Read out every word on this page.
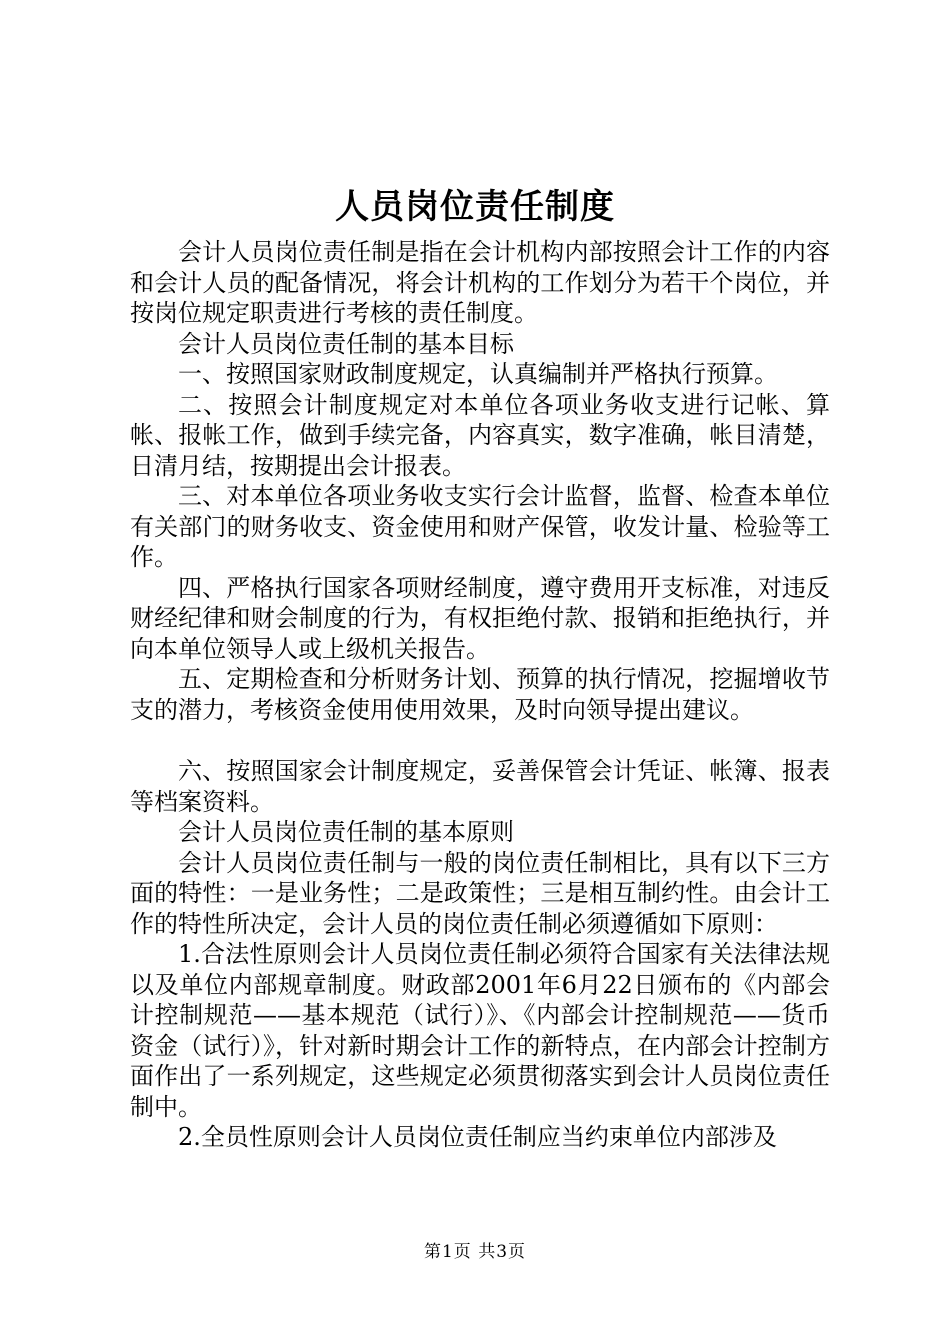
人员岗位责任制度

会计人员岗位责任制是指在会计机构内部按照会计工作的内容和会计人员的配备情况，将会计机构的工作划分为若干个岗位，并按岗位规定职责进行考核的责任制度。

会计人员岗位责任制的基本目标

一、按照国家财政制度规定，认真编制并严格执行预算。

二、按照会计制度规定对本单位各项业务收支进行记帐、算帐、报帐工作，做到手续完备，内容真实，数字准确，帐目清楚，日清月结，按期提出会计报表。

三、对本单位各项业务收支实行会计监督，监督、检查本单位有关部门的财务收支、资金使用和财产保管，收发计量、检验等工作。

四、严格执行国家各项财经制度，遵守费用开支标准，对违反财经纪律和财会制度的行为，有权拒绝付款、报销和拒绝执行，并向本单位领导人或上级机关报告。

五、定期检查和分析财务计划、预算的执行情况，挖掘增收节支的潜力，考核资金使用使用效果，及时向领导提出建议。

六、按照国家会计制度规定，妥善保管会计凭证、帐簿、报表等档案资料。

会计人员岗位责任制的基本原则

会计人员岗位责任制与一般的岗位责任制相比，具有以下三方面的特性：一是业务性；二是政策性；三是相互制约性。由会计工作的特性所决定，会计人员的岗位责任制必须遵循如下原则：

1.合法性原则会计人员岗位责任制必须符合国家有关法律法规以及单位内部规章制度。财政部2001年6月22日颁布的《内部会计控制规范——基本规范（试行）》、《内部会计控制规范——货币资金（试行）》，针对新时期会计工作的新特点，在内部会计控制方面作出了一系列规定，这些规定必须贯彻落实到会计人员岗位责任制中。

2.全员性原则会计人员岗位责任制应当约束单位内部涉及

第1页 共3页
